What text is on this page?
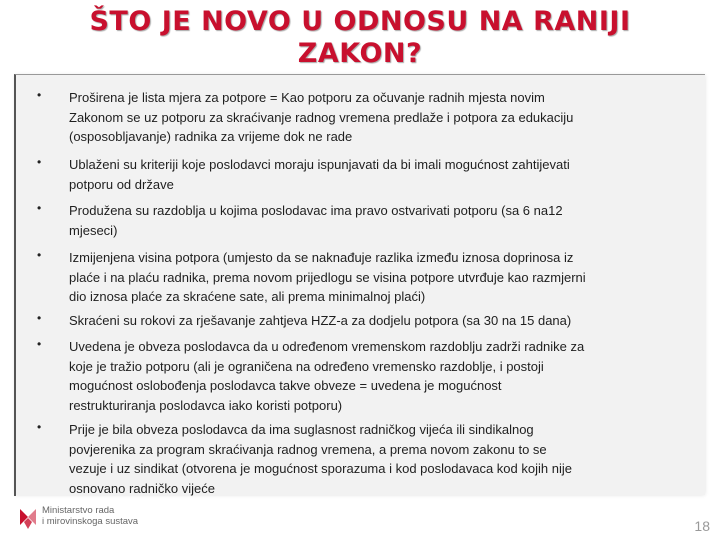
ŠTO JE NOVO U ODNOSU NA RANIJI
ZAKON?
• Proširena je lista mjera za potpore = Kao potporu za očuvanje radnih mjesta novim
Zakonom se uz potporu za skraćivanje radnog vremena predlaže i potpora za edukaciju
(osposobljavanje) radnika za vrijeme dok ne rade
• Ublaženi su kriteriji koje poslodavci moraju ispunjavati da bi imali mogućnost zahtijevati
potporu od države
• Produžena su razdoblja u kojima poslodavac ima pravo ostvarivati potporu (sa 6 na12
mjeseci)
• Izmijenjena visina potpora (umjesto da se naknađuje razlika između iznosa doprinosa iz
plaće i na plaću radnika, prema novom prijedlogu se visina potpore utvrđuje kao razmjerni
dio iznosa plaće za skraćene sate, ali prema minimalnoj plaći)
• Skraćeni su rokovi za rješavanje zahtjeva HZZ-a za dodjelu potpora (sa 30 na 15 dana)
• Uvedena je obveza poslodavca da u određenom vremenskom razdoblju zadrži radnike za
koje je tražio potporu (ali je ograničena na određeno vremensko razdoblje, i postoji
mogućnost oslobođenja poslodavca takve obveze = uvedena je mogućnost
restrukturiranja poslodavca iako koristi potporu)
• Prije je bila obveza poslodavca da ima suglasnost radničkog vijeća ili sindikalnog
povjerenika za program skraćivanja radnog vremena, a prema novom zakonu to se
vezuje i uz sindikat (otvorena je mogućnost sporazuma i kod poslodavaca kod kojih nije
osnovano radničko vijeće
Ministarstvo rada
i mirovinskoga sustava	18
